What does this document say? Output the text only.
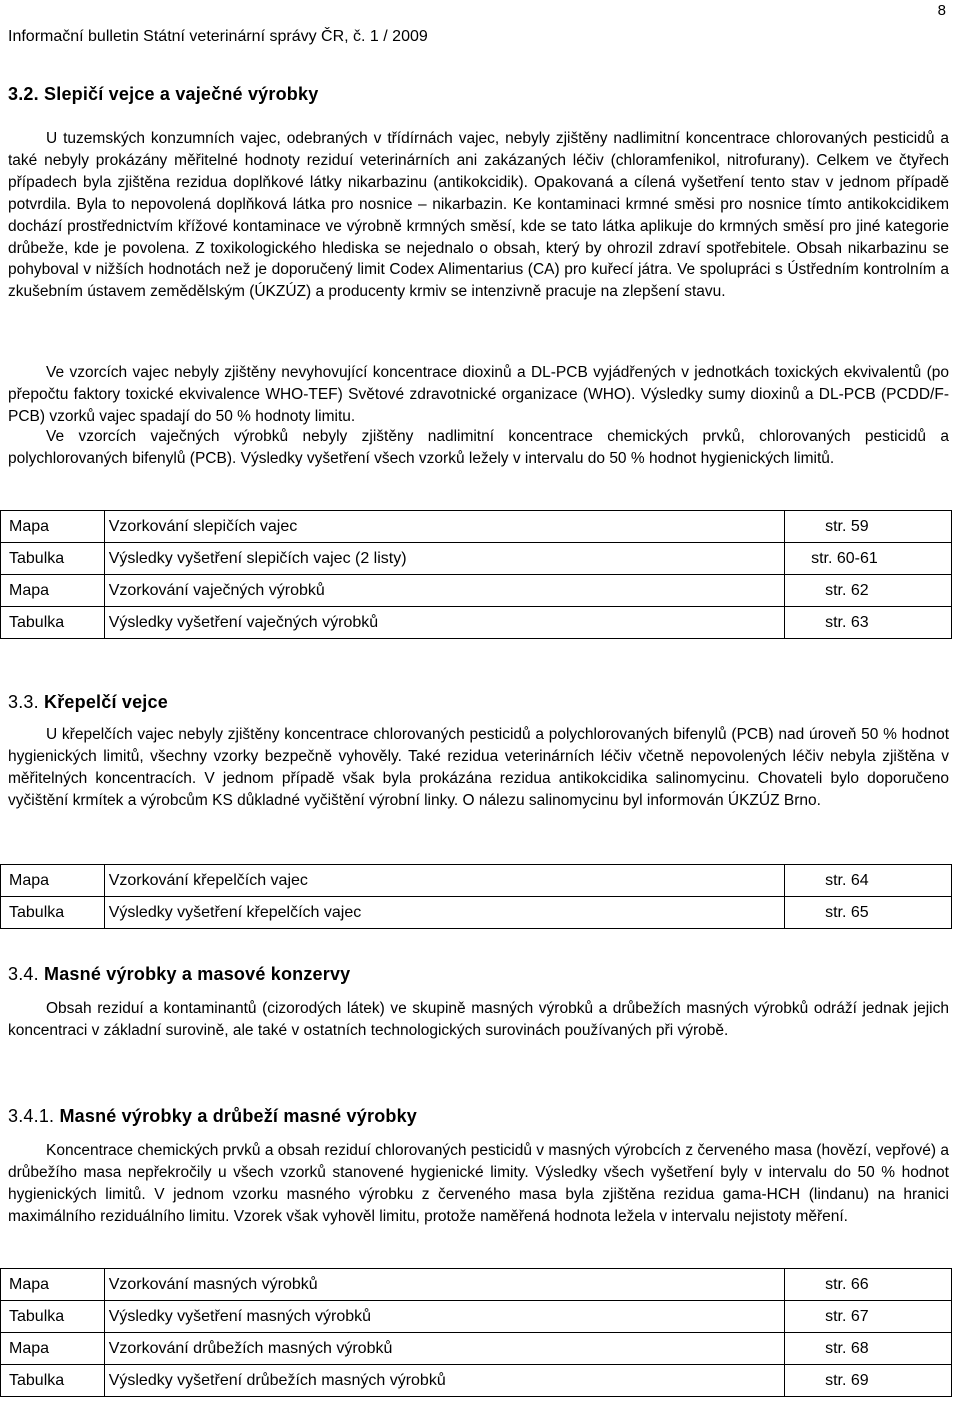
Informační bulletin Státní veterinární správy ČR, č. 1 / 2009
8
3.2. Slepičí vejce a vaječné výrobky

U tuzemských konzumních vajec, odebraných v třídírnách vajec, nebyly zjištěny nadlimitní koncentrace chlorovaných pesticidů a také nebyly prokázány měřitelné hodnoty reziduí veterinárních ani zakázaných léčiv (chloramfenikol, nitrofurany). Celkem ve čtyřech případech byla zjištěna rezidua doplňkové látky nikarbazinu (antikokcidik). Opakovaná a cílená vyšetření tento stav v jednom případě potvrdila. Byla to nepovolená doplňková látka pro nosnice – nikarbazin. Ke kontaminaci krmné směsi pro nosnice tímto antikokcidikem dochází prostřednictvím křížové kontaminace ve výrobně krmných směsí, kde se tato látka aplikuje do krmných směsí pro jiné kategorie drůbeže, kde je povolena. Z toxikologického hlediska se nejednalo o obsah, který by ohrozil zdraví spotřebitele. Obsah nikarbazinu se pohyboval v nižších hodnotách než je doporučený limit Codex Alimentarius (CA) pro kuřecí játra. Ve spolupráci s Ústředním kontrolním a zkušebním ústavem zemědělským (ÚKZÚZ) a producenty krmiv se intenzivně pracuje na zlepšení stavu.

Ve vzorcích vajec nebyly zjištěny nevyhovující koncentrace dioxinů a DL-PCB vyjádřených v jednotkách toxických ekvivalentů (po přepočtu faktory toxické ekvivalence WHO-TEF) Světové zdravotnické organizace (WHO). Výsledky sumy dioxinů a DL-PCB (PCDD/F-PCB) vzorků vajec spadají do 50 % hodnoty limitu.

Ve vzorcích vaječných výrobků nebyly zjištěny nadlimitní koncentrace chemických prvků, chlorovaných pesticidů a polychlorovaných bifenylů (PCB). Výsledky vyšetření všech vzorků ležely v intervalu do 50 % hodnot hygienických limitů.

Mapa	Vzorkování slepičích vajec	str. 59
Tabulka	Výsledky vyšetření slepičích vajec (2 listy)	str. 60-61
Mapa	Vzorkování vaječných výrobků	str. 62
Tabulka	Výsledky vyšetření vaječných výrobků	str. 63
3.3. Křepelčí vejce

U křepelčích vajec nebyly zjištěny koncentrace chlorovaných pesticidů a polychlorovaných bifenylů (PCB) nad úroveň 50 % hodnot hygienických limitů, všechny vzorky bezpečně vyhověly. Také rezidua veterinárních léčiv včetně nepovolených léčiv nebyla zjištěna v měřitelných koncentracích. V jednom případě však byla prokázána rezidua antikokcidika salinomycinu. Chovateli bylo doporučeno vyčištění krmítek a výrobcům KS důkladné vyčištění výrobní linky. O nálezu salinomycinu byl informován ÚKZÚZ Brno.

Mapa	Vzorkování křepelčích vajec	str. 64
Tabulka	Výsledky vyšetření křepelčích vajec	str. 65
3.4. Masné výrobky a masové konzervy

Obsah reziduí a kontaminantů (cizorodých látek) ve skupině masných výrobků a drůbežích masných výrobků odráží jednak jejich koncentraci v základní surovině, ale také v ostatních technologických surovinách používaných při výrobě.

3.4.1. Masné výrobky a drůbeží masné výrobky

Koncentrace chemických prvků a obsah reziduí chlorovaných pesticidů v masných výrobcích z červeného masa (hovězí, vepřové) a drůbežího masa nepřekročily u všech vzorků stanovené hygienické limity. Výsledky všech vyšetření byly v intervalu do 50 % hodnot hygienických limitů. V jednom vzorku masného výrobku z červeného masa byla zjištěna rezidua gama-HCH (lindanu) na hranici maximálního reziduálního limitu. Vzorek však vyhověl limitu, protože naměřená hodnota ležela v intervalu nejistoty měření.

Mapa	Vzorkování masných výrobků	str. 66
Tabulka	Výsledky vyšetření masných výrobků	str. 67
Mapa	Vzorkování drůbežích masných výrobků	str. 68
Tabulka	Výsledky vyšetření drůbežích masných výrobků	str. 69
